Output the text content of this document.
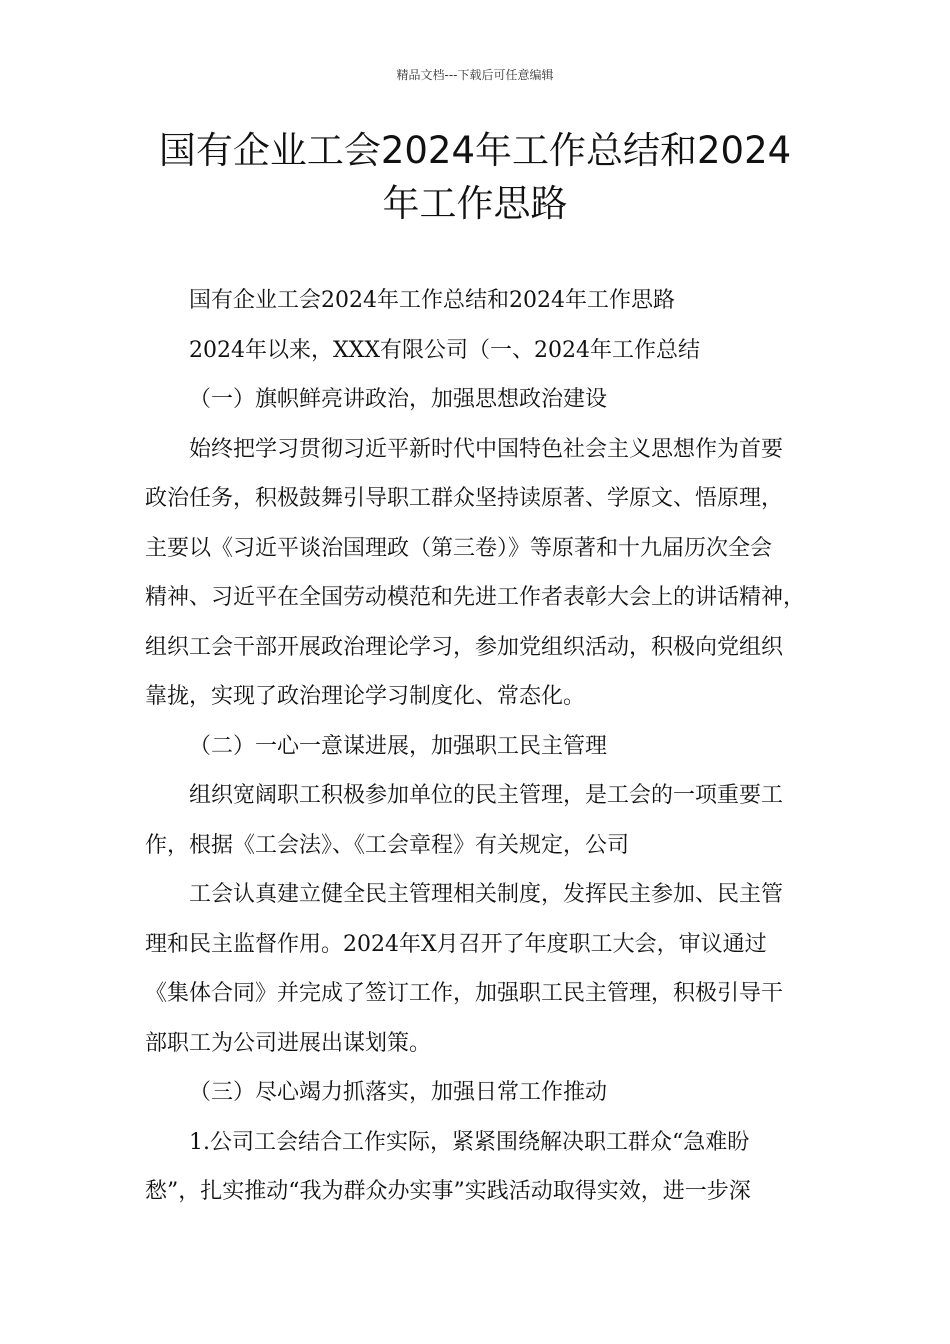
精品文档---下载后可任意编辑
国有企业工会2024年工作总结和2024
年工作思路

国有企业工会2024年工作总结和2024年工作思路

2024年以来，XXX有限公司（一、2024年工作总结

（一）旗帜鲜亮讲政治，加强思想政治建设

始终把学习贯彻习近平新时代中国特色社会主义思想作为首要
政治任务，积极鼓舞引导职工群众坚持读原著、学原文、悟原理，
主要以《习近平谈治国理政（第三卷）》等原著和十九届历次全会
精神、习近平在全国劳动模范和先进工作者表彰大会上的讲话精神，
组织工会干部开展政治理论学习，参加党组织活动，积极向党组织
靠拢，实现了政治理论学习制度化、常态化。

（二）一心一意谋进展，加强职工民主管理

组织宽阔职工积极参加单位的民主管理，是工会的一项重要工
作，根据《工会法》、《工会章程》有关规定，公司

工会认真建立健全民主管理相关制度，发挥民主参加、民主管
理和民主监督作用。2024年X月召开了年度职工大会，审议通过
《集体合同》并完成了签订工作，加强职工民主管理，积极引导干
部职工为公司进展出谋划策。

（三）尽心竭力抓落实，加强日常工作推动

1.公司工会结合工作实际，紧紧围绕解决职工群众“急难盼
愁”，扎实推动“我为群众办实事”实践活动取得实效，进一步深
